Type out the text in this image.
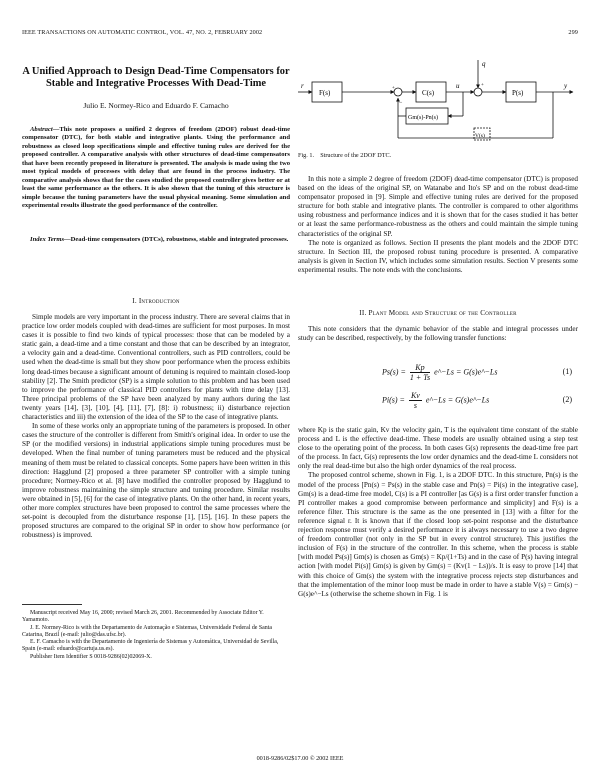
IEEE TRANSACTIONS ON AUTOMATIC CONTROL, VOL. 47, NO. 2, FEBRUARY 2002	299
A Unified Approach to Design Dead-Time Compensators for Stable and Integrative Processes With Dead-Time
Julio E. Normey-Rico and Eduardo F. Camacho
Abstract—This note proposes a unified 2 degrees of freedom (2DOF) robust dead-time compensator (DTC), for both stable and integrative plants. Using the performance and robustness as closed loop specifications simple and effective tuning rules are derived for the proposed controller. A comparative analysis with other structures of dead-time compensators that have been recently proposed in literature is presented. The analysis is made using the two most typical models of processes with delay that are found in the process industry. The comparative analysis shows that for the cases studied the proposed controller gives better or at least the same performance as the others. It is also shown that the tuning of this structure is simple because the tuning parameters have the usual physical meaning. Some simulation and experimental results illustrate the good performance of the controller.
Index Terms—Dead-time compensators (DTCs), robustness, stable and integrated processes.
I. Introduction

Simple models are very important in the process industry. There are several claims that in practice low order models coupled with dead-times are sufficient for most purposes. In most cases it is possible to find two kinds of typical processes: those that can be modeled by a static gain, a dead-time and a time constant and those that can be described by an integrator, a velocity gain and a dead-time. Conventional controllers, such as PID controllers, could be used when the dead-time is small but they show poor performance when the process exhibits long dead-times because a significant amount of detuning is required to maintain closed-loop stability [2]. The Smith predictor (SP) is a simple solution to this problem and has been used to improve the performance of classical PID controllers for plants with time delay [13]. Three principal problems of the SP have been analyzed by many authors during the last twenty years [14], [3], [10], [4], [11], [7], [8]: i) robustness; ii) disturbance rejection characteristics and iii) the extension of the idea of the SP to the case of integrative plants.

In some of these works only an appropriate tuning of the parameters is proposed. In other cases the structure of the controller is different from Smith's original idea. In order to use the SP (or the modified versions) in industrial applications simple tuning procedures must be developed. When the final number of tuning parameters must be reduced and the physical meaning of them must be related to classical concepts. Some papers have been written in this direction: Hagglund [2] proposed a three parameter SP controller with a simple tuning procedure; Normey-Rico et al. [8] have modified the controller proposed by Hagglund to improve robustness maintaining the simple structure and tuning procedure. Similar results were obtained in [5], [6] for the case of integrative plants. On the other hand, in recent years, other more complex structures have been proposed to control the same processes where the set-point is decoupled from the disturbance response [1], [15], [16]. In these papers the proposed structures are compared to the original SP in order to show how performance (or robustness) is improved.

Manuscript received May 16, 2000; revised March 26, 2001. Recommended by Associate Editor Y. Yamamoto.

J. E. Normey-Rico is with the Departamento de Automação e Sistemas, Universidade Federal de Santa Catarina, Brazil (e-mail: julio@das.ufsc.br).

E. F. Camacho is with the Departamento de Ingeniería de Sistemas y Automática, Universidad de Sevilla, Spain (e-mail: eduardo@cartuja.us.es).

Publisher Item Identifier S 0018-9286(02)02069-X.

F(s)	C(s)	P(s)
Gm(s)-Pn(s)
V(s)
r	u
q
y
+
−
+
Fig. 1. Structure of the 2DOF DTC.

In this note a simple 2 degree of freedom (2DOF) dead-time compensator (DTC) is proposed based on the ideas of the original SP, on Watanabe and Ito's SP and on the robust dead-time compensator proposed in [9]. Simple and effective tuning rules are derived for the proposed structure for both stable and integrative plants. The controller is compared to other algorithms using robustness and performance indices and it is shown that for the cases studied it has better or at least the same performance-robustness as the others and could maintain the simple tuning characteristics of the original SP.

The note is organized as follows. Section II presents the plant models and the 2DOF DTC structure. In Section III, the proposed robust tuning procedure is presented. A comparative analysis is given in Section IV, which includes some simulation results. Section V presents some experimental results. The note ends with the conclusions.

II. Plant Model and Structure of the Controller

This note considers that the dynamic behavior of the stable and integral processes under study can be described, respectively, by the following transfer functions:

$Ps(s) = \frac{Kp}{1 + Ts}$ e^−Ls = G(s)e^−Ls	(1)
$Pi(s) = \frac{Kv}{s}$ e^−Ls = G(s)e^−Ls	(2)

where Kp is the static gain, Kv the velocity gain, T is the equivalent time constant of the stable process and L is the effective dead-time. These models are usually obtained using a step test close to the operating point of the process. In both cases G(s) represents the dead-time free part of the process. In fact, G(s) represents the low order dynamics and the dead-time L considers not only the real dead-time but also the high order dynamics of the real process.

The proposed control scheme, shown in Fig. 1, is a 2DOF DTC. In this structure, Pn(s) is the model of the process [Pn(s) = Ps(s) in the stable case and Pn(s) = Pi(s) in the integrative case], Gm(s) is a dead-time free model, C(s) is a PI controller [as G(s) is a first order transfer function a PI controller makes a good compromise between performance and simplicity] and F(s) is a reference filter. This structure is the same as the one presented in [13] with a filter for the reference signal r. It is known that if the closed loop set-point response and the disturbance rejection response must verify a desired performance it is always necessary to use a two degree of freedom controller (not only in the SP but in every control structure). This justifies the inclusion of F(s) in the structure of the controller. In this scheme, when the process is stable [with model Ps(s)] Gm(s) is chosen as Gm(s) = Kp/(1+Ts) and in the case of P(s) having integral action [with model Pi(s)] Gm(s) is given by Gm(s) = (Kv(1 − Ls))/s. It is easy to prove [14] that with this choice of Gm(s) the system with the integrative process rejects step disturbances and that the implementation of the minor loop must be made in order to have a stable V(s) = Gm(s) − G(s)e^−Ls (otherwise the scheme shown in Fig. 1 is

0018-9286/02$17.00 © 2002 IEEE
